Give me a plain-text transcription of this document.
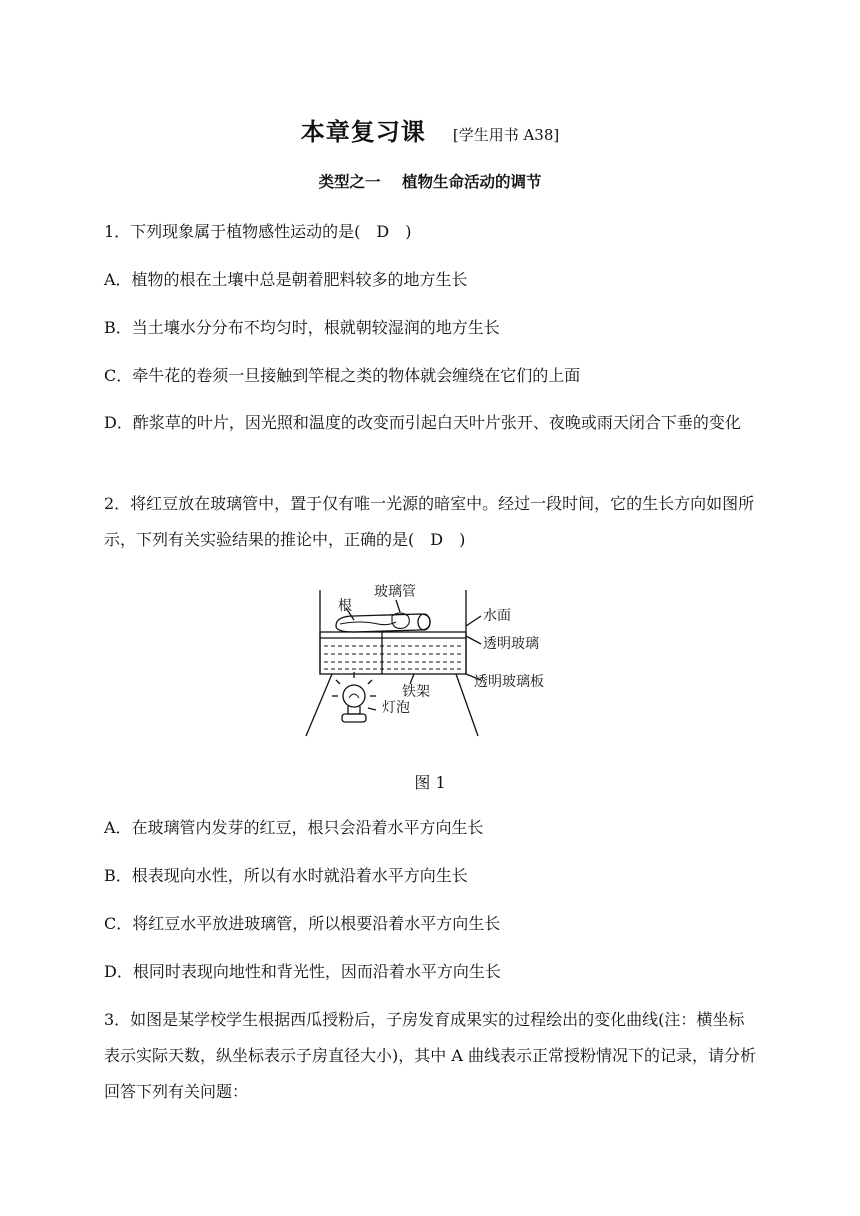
本章复习课 [学生用书 A38]
类型之一    植物生命活动的调节

1．下列现象属于植物感性运动的是(　D　)

A．植物的根在土壤中总是朝着肥料较多的地方生长

B．当土壤水分分布不均匀时，根就朝较湿润的地方生长

C．牵牛花的卷须一旦接触到竿棍之类的物体就会缠绕在它们的上面

D．酢浆草的叶片，因光照和温度的改变而引起白天叶片张开、夜晚或雨天闭合下垂的变化

2．将红豆放在玻璃管中，置于仅有唯一光源的暗室中。经过一段时间，它的生长方向如图所示，下列有关实验结果的推论中，正确的是(　D　)

根
玻璃管
水面
透明玻璃
铁架
透明玻璃板
灯泡
图 1

A．在玻璃管内发芽的红豆，根只会沿着水平方向生长

B．根表现向水性，所以有水时就沿着水平方向生长

C．将红豆水平放进玻璃管，所以根要沿着水平方向生长

D．根同时表现向地性和背光性，因而沿着水平方向生长

3．如图是某学校学生根据西瓜授粉后，子房发育成果实的过程绘出的变化曲线(注：横坐标表示实际天数，纵坐标表示子房直径大小)，其中 A 曲线表示正常授粉情况下的记录，请分析回答下列有关问题：
